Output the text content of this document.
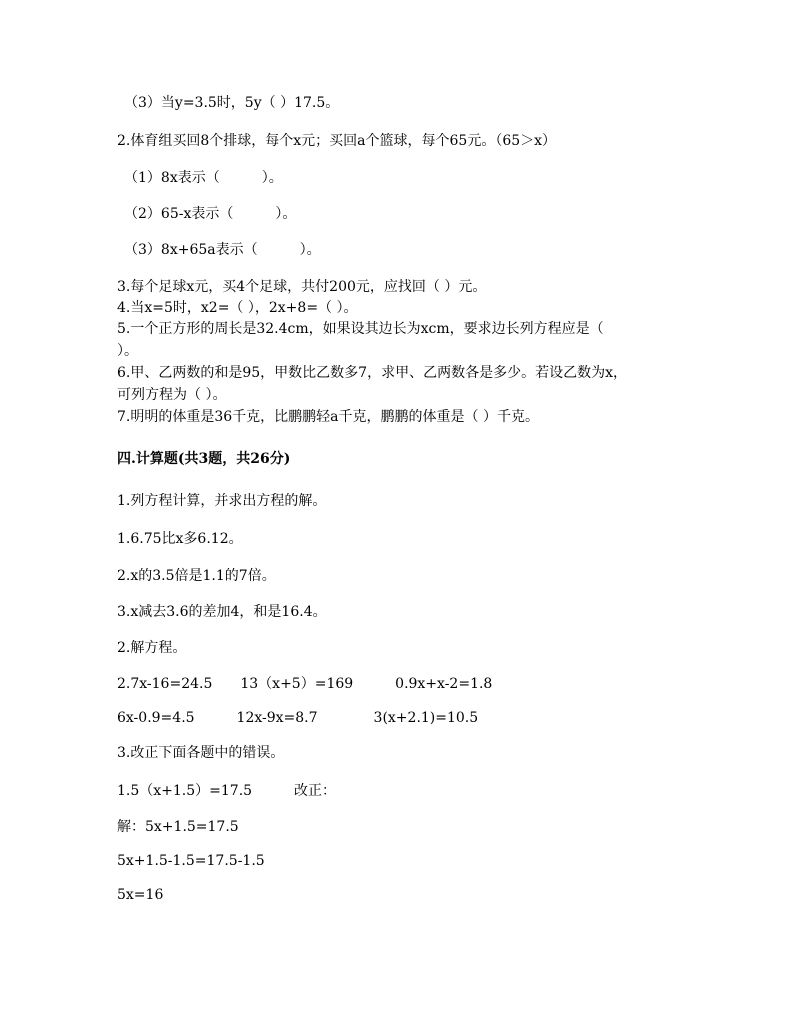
（3）当y=3.5时，5y（ ）17.5。
2.体育组买回8个排球，每个x元；买回a个篮球，每个65元。（65＞x）
（1）8x表示（　　　）。
（2）65-x表示（　　　）。
（3）8x+65a表示（　　　）。
3.每个足球x元，买4个足球，共付200元，应找回（ ）元。
4.当x=5时，x2=（ ），2x+8=（ ）。
5.一个正方形的周长是32.4cm，如果设其边长为xcm，要求边长列方程应是（
）。
6.甲、乙两数的和是95，甲数比乙数多7，求甲、乙两数各是多少。若设乙数为x，
可列方程为（ ）。
7.明明的体重是36千克，比鹏鹏轻a千克，鹏鹏的体重是（ ）千克。
四.计算题(共3题，共26分)
1.列方程计算，并求出方程的解。
1.6.75比x多6.12。
2.x的3.5倍是1.1的7倍。
3.x减去3.6的差加4，和是16.4。
2.解方程。
2.7x-16=24.5　　13（x+5）=169　　　0.9x+x-2=1.8
6x-0.9=4.5　　　12x-9x=8.7　　　　3(x+2.1)=10.5
3.改正下面各题中的错误。
1.5（x+1.5）=17.5　　　改正：
解：5x+1.5=17.5
5x+1.5-1.5=17.5-1.5
5x=16
